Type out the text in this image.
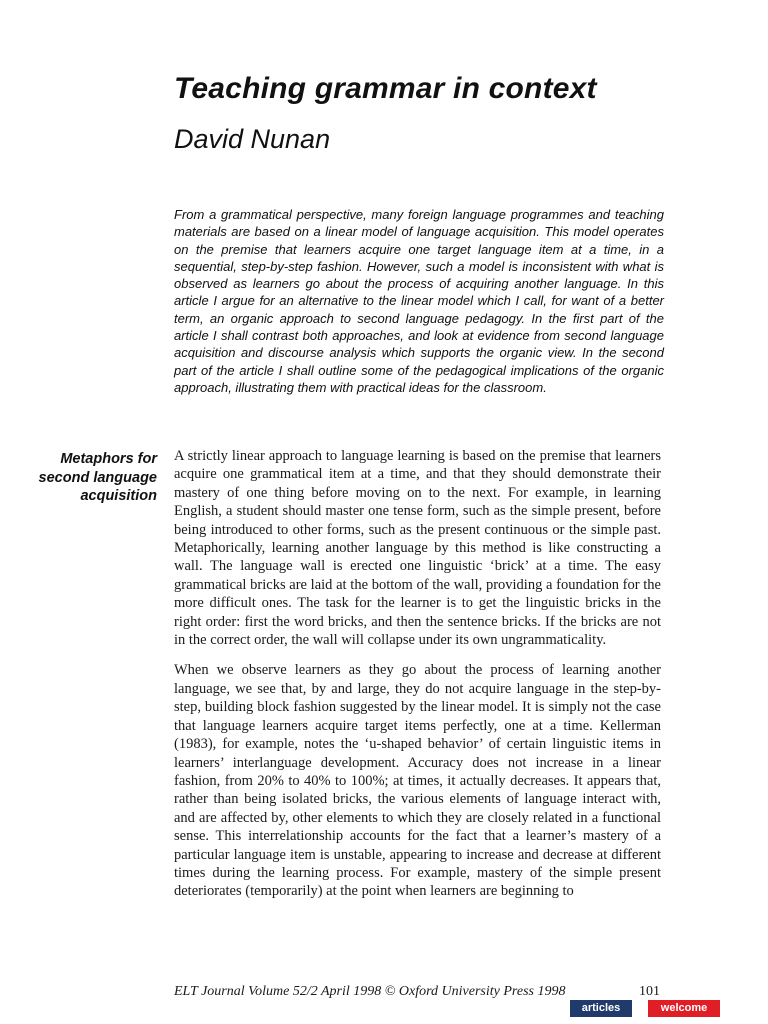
Teaching grammar in context
David Nunan

From a grammatical perspective, many foreign language programmes and teaching materials are based on a linear model of language acquisition. This model operates on the premise that learners acquire one target language item at a time, in a sequential, step-by-step fashion. However, such a model is inconsistent with what is observed as learners go about the process of acquiring another language. In this article I argue for an alternative to the linear model which I call, for want of a better term, an organic approach to second language pedagogy. In the first part of the article I shall contrast both approaches, and look at evidence from second language acquisition and discourse analysis which supports the organic view. In the second part of the article I shall outline some of the pedagogical implications of the organic approach, illustrating them with practical ideas for the classroom.

Metaphors for
second language
acquisition

A strictly linear approach to language learning is based on the premise that learners acquire one grammatical item at a time, and that they should demonstrate their mastery of one thing before moving on to the next. For example, in learning English, a student should master one tense form, such as the simple present, before being introduced to other forms, such as the present continuous or the simple past. Metaphorically, learning another language by this method is like constructing a wall. The language wall is erected one linguistic ‘brick’ at a time. The easy grammatical bricks are laid at the bottom of the wall, providing a foundation for the more difficult ones. The task for the learner is to get the linguistic bricks in the right order: first the word bricks, and then the sentence bricks. If the bricks are not in the correct order, the wall will collapse under its own ungrammaticality.

When we observe learners as they go about the process of learning another language, we see that, by and large, they do not acquire language in the step-by-step, building block fashion suggested by the linear model. It is simply not the case that language learners acquire target items perfectly, one at a time. Kellerman (1983), for example, notes the ‘u-shaped behavior’ of certain linguistic items in learners’ interlanguage development. Accuracy does not increase in a linear fashion, from 20% to 40% to 100%; at times, it actually decreases. It appears that, rather than being isolated bricks, the various elements of language interact with, and are affected by, other elements to which they are closely related in a functional sense. This interrelationship accounts for the fact that a learner’s mastery of a particular language item is unstable, appearing to increase and decrease at different times during the learning process. For example, mastery of the simple present deteriorates (temporarily) at the point when learners are beginning to

ELT Journal Volume 52/2 April 1998 © Oxford University Press 1998	101
articles	welcome
